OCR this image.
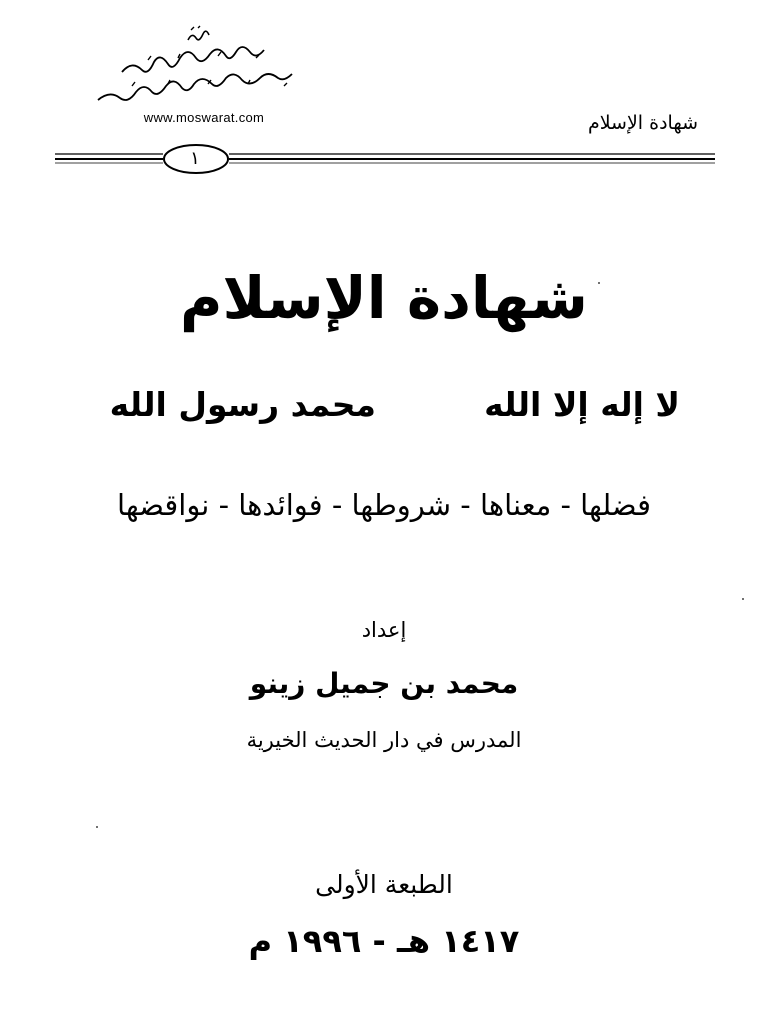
www.moswarat.com	شهادة الإسلام
١
شهادة الإسلام
لا إله إلا الله
محمد رسول الله
فضلها - معناها - شروطها - فوائدها - نواقضها
إعداد
محمد بن جميل زينو
المدرس في دار الحديث الخيرية
الطبعة الأولى
١٤١٧ هـ - ١٩٩٦ م
